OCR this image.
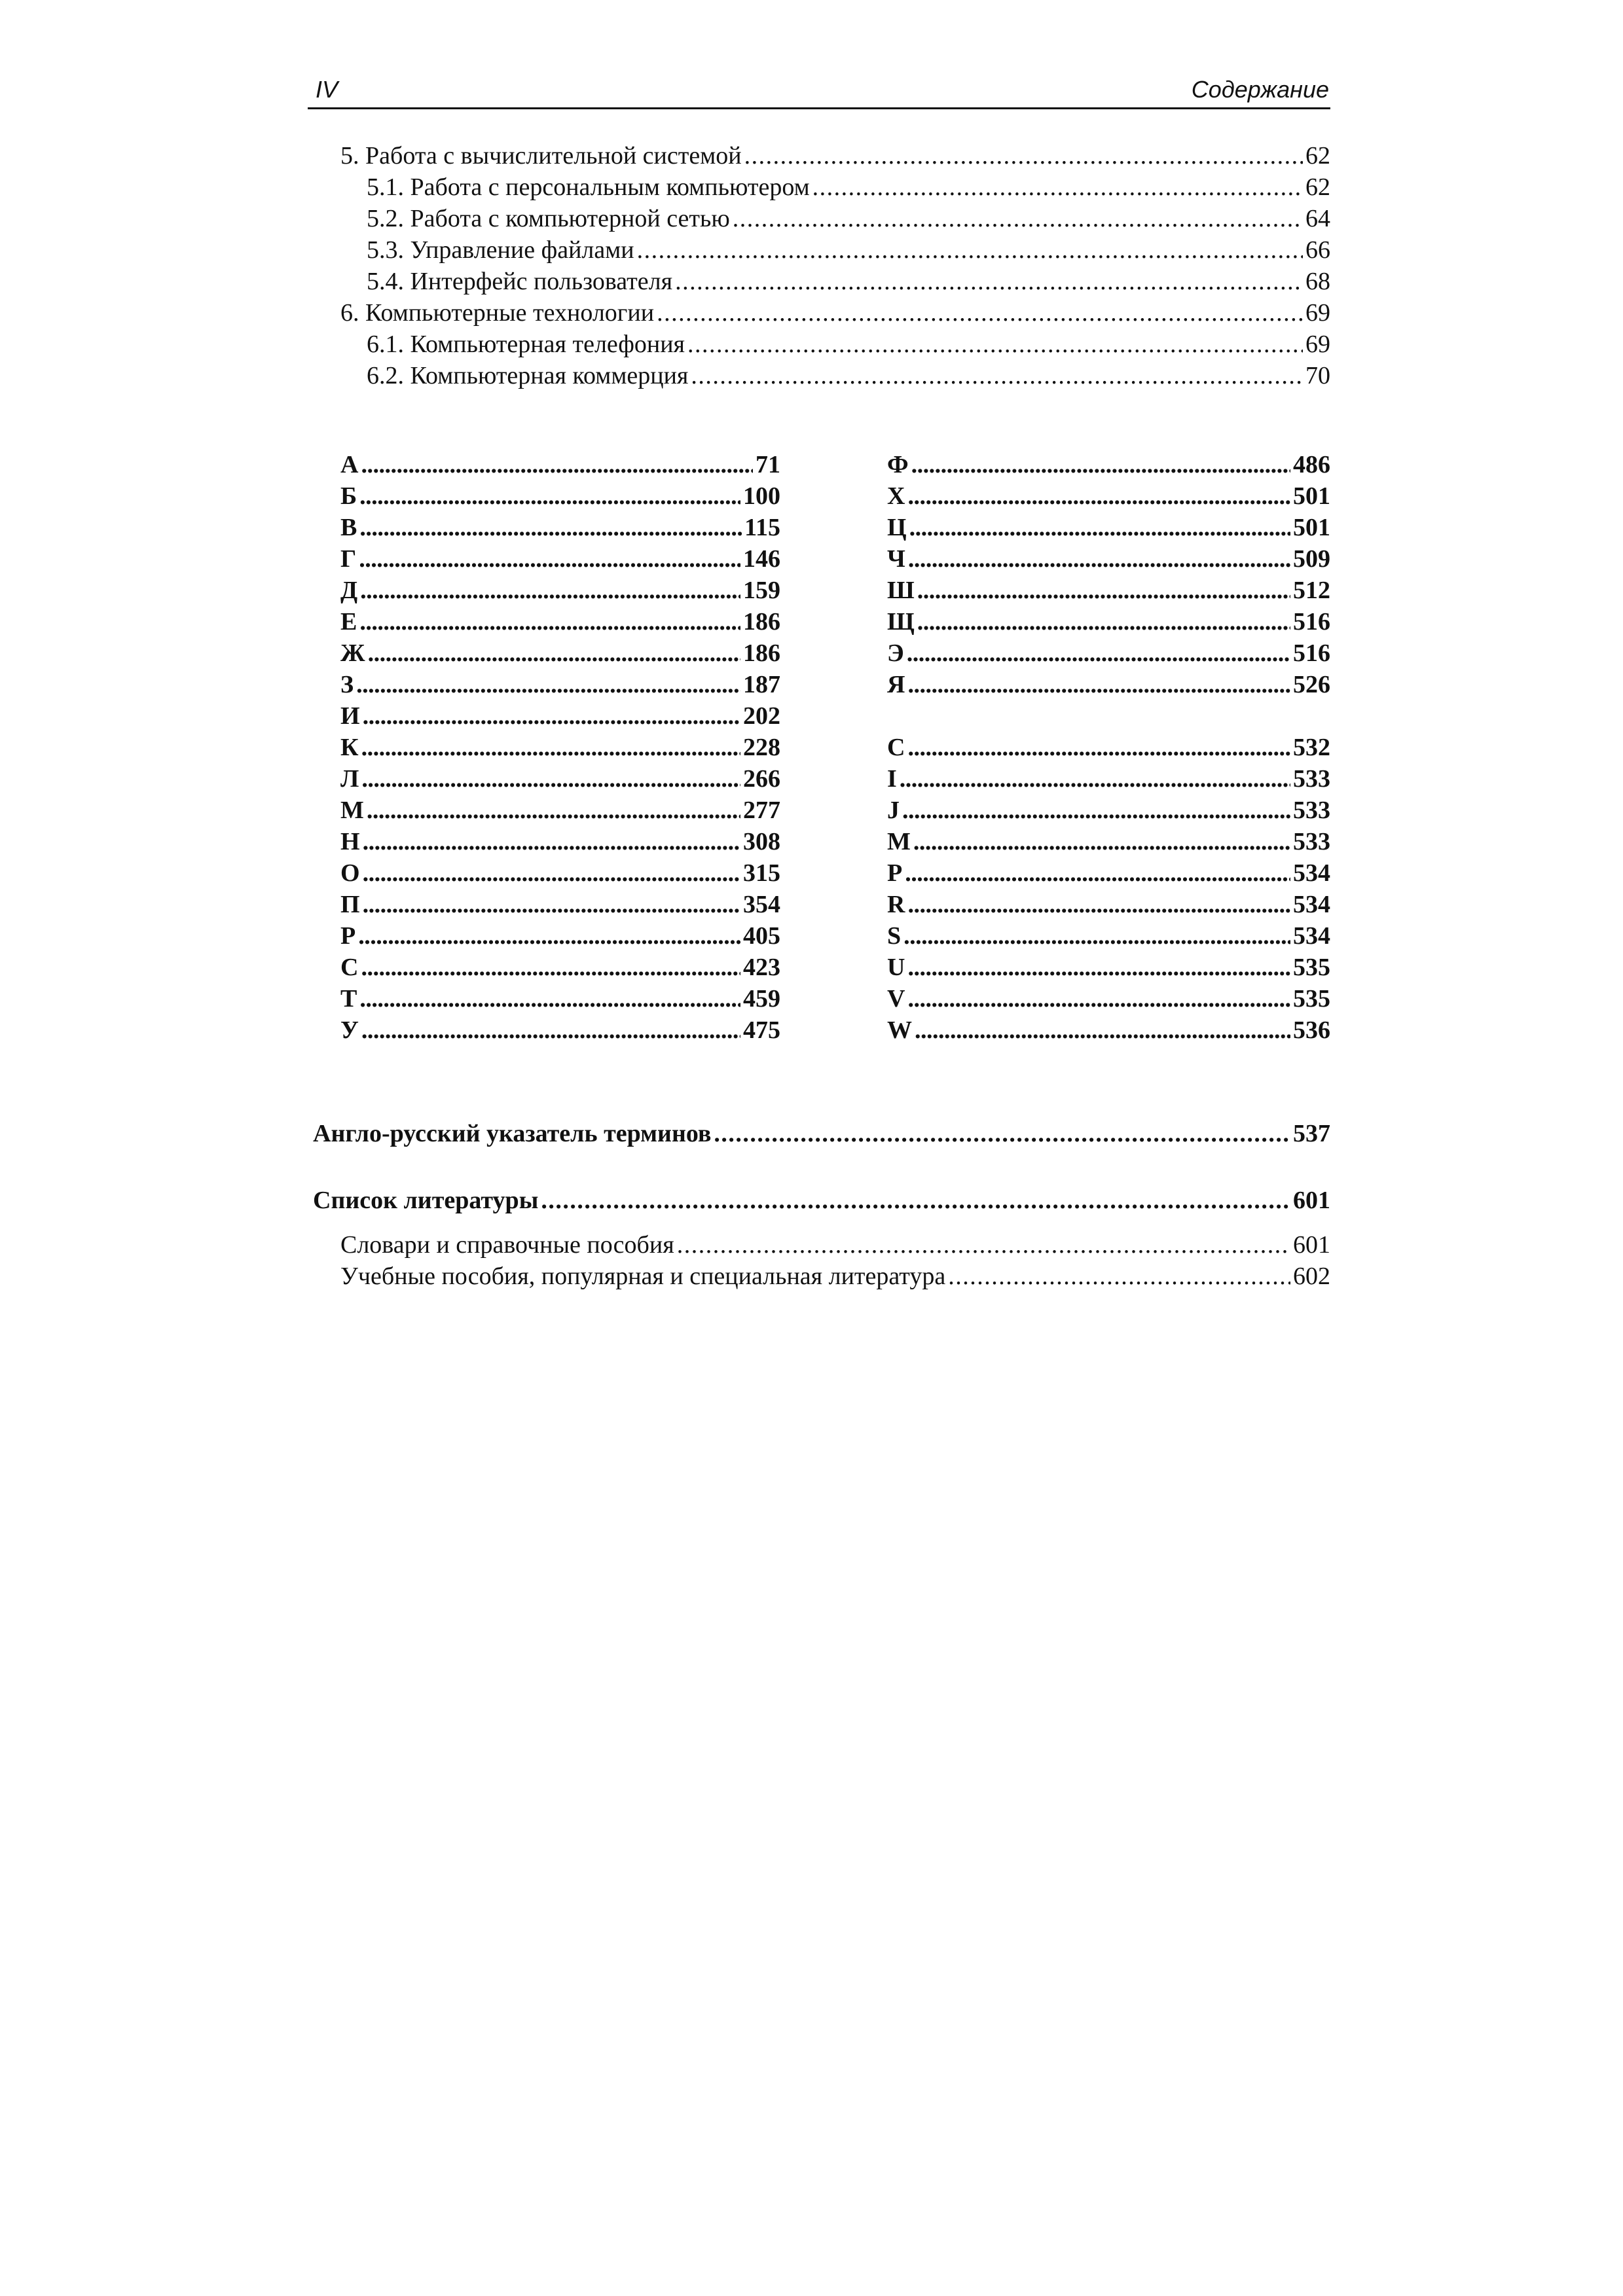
IV	Содержание
5. Работа с вычислительной системой . . .	62
5.1. Работа с персональным компьютером . . .	62
5.2. Работа с компьютерной сетью . . .	64
5.3. Управление файлами . . .	66
5.4. Интерфейс пользователя . . .	68
6. Компьютерные технологии . . .	69
6.1. Компьютерная телефония . . .	69
6.2. Компьютерная коммерция . . .	70
А . . .	71
Б . . .	100
В . . .	115
Г . . .	146
Д . . .	159
Е . . .	186
Ж . . .	186
З . . .	187
И . . .	202
К . . .	228
Л . . .	266
М . . .	277
Н . . .	308
О . . .	315
П . . .	354
Р . . .	405
С . . .	423
Т . . .	459
У . . .	475
Ф . . .	486
Х . . .	501
Ц . . .	501
Ч . . .	509
Ш . . .	512
Щ . . .	516
Э . . .	516
Я . . .	526
C . . .	532
I . . .	533
J . . .	533
M . . .	533
P . . .	534
R . . .	534
S . . .	534
U . . .	535
V . . .	535
W . . .	536
Англо-русский указатель терминов . . .	537
Список литературы . . .	601
Словари и справочные пособия . . .	601
Учебные пособия, популярная и специальная литература . . .	602
